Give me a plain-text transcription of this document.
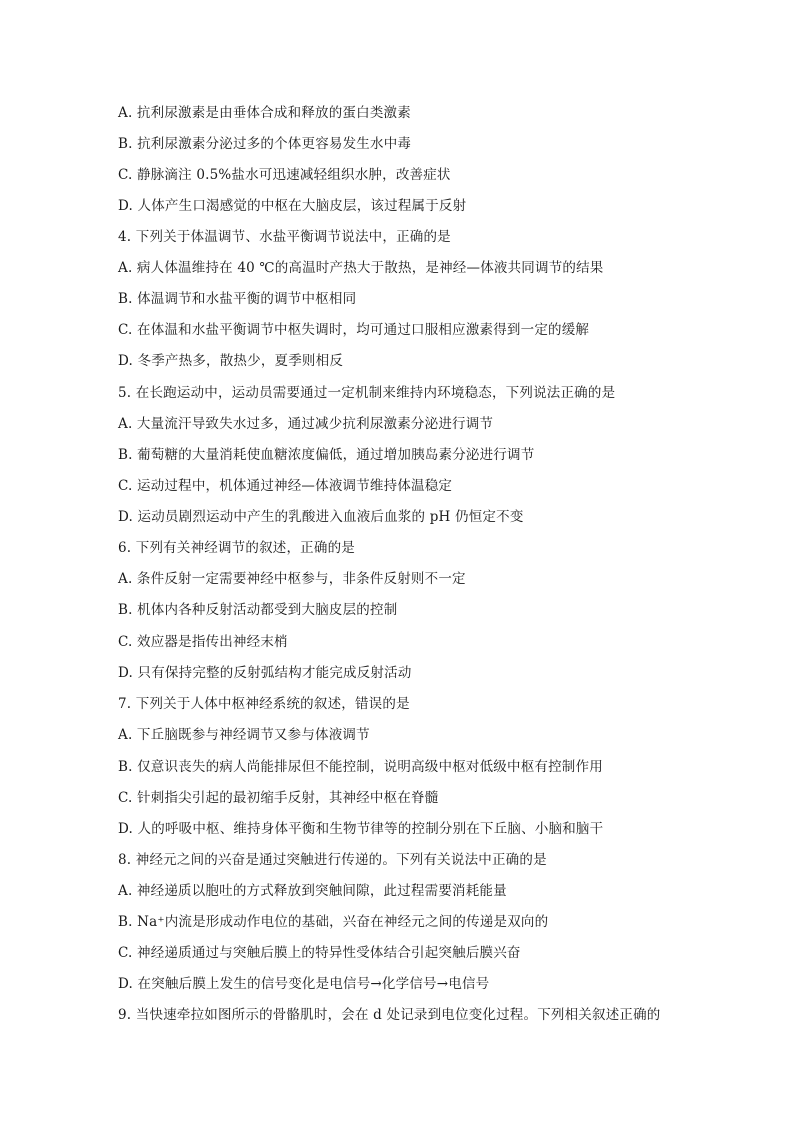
A. 抗利尿激素是由垂体合成和释放的蛋白类激素
B. 抗利尿激素分泌过多的个体更容易发生水中毒
C. 静脉滴注 0.5%盐水可迅速减轻组织水肿，改善症状
D. 人体产生口渴感觉的中枢在大脑皮层，该过程属于反射
4. 下列关于体温调节、水盐平衡调节说法中，正确的是
A. 病人体温维持在 40 ℃的高温时产热大于散热，是神经—体液共同调节的结果
B. 体温调节和水盐平衡的调节中枢相同
C. 在体温和水盐平衡调节中枢失调时，均可通过口服相应激素得到一定的缓解
D. 冬季产热多，散热少，夏季则相反
5. 在长跑运动中，运动员需要通过一定机制来维持内环境稳态，下列说法正确的是
A. 大量流汗导致失水过多，通过减少抗利尿激素分泌进行调节
B. 葡萄糖的大量消耗使血糖浓度偏低，通过增加胰岛素分泌进行调节
C. 运动过程中，机体通过神经—体液调节维持体温稳定
D. 运动员剧烈运动中产生的乳酸进入血液后血浆的 pH 仍恒定不变
6. 下列有关神经调节的叙述，正确的是
A. 条件反射一定需要神经中枢参与，非条件反射则不一定
B. 机体内各种反射活动都受到大脑皮层的控制
C. 效应器是指传出神经末梢
D. 只有保持完整的反射弧结构才能完成反射活动
7. 下列关于人体中枢神经系统的叙述，错误的是
A. 下丘脑既参与神经调节又参与体液调节
B. 仅意识丧失的病人尚能排尿但不能控制，说明高级中枢对低级中枢有控制作用
C. 针刺指尖引起的最初缩手反射，其神经中枢在脊髓
D. 人的呼吸中枢、维持身体平衡和生物节律等的控制分别在下丘脑、小脑和脑干
8. 神经元之间的兴奋是通过突触进行传递的。下列有关说法中正确的是
A. 神经递质以胞吐的方式释放到突触间隙，此过程需要消耗能量
B. Na⁺内流是形成动作电位的基础，兴奋在神经元之间的传递是双向的
C. 神经递质通过与突触后膜上的特异性受体结合引起突触后膜兴奋
D. 在突触后膜上发生的信号变化是电信号→化学信号→电信号
9. 当快速牵拉如图所示的骨骼肌时，会在 d 处记录到电位变化过程。下列相关叙述正确的
